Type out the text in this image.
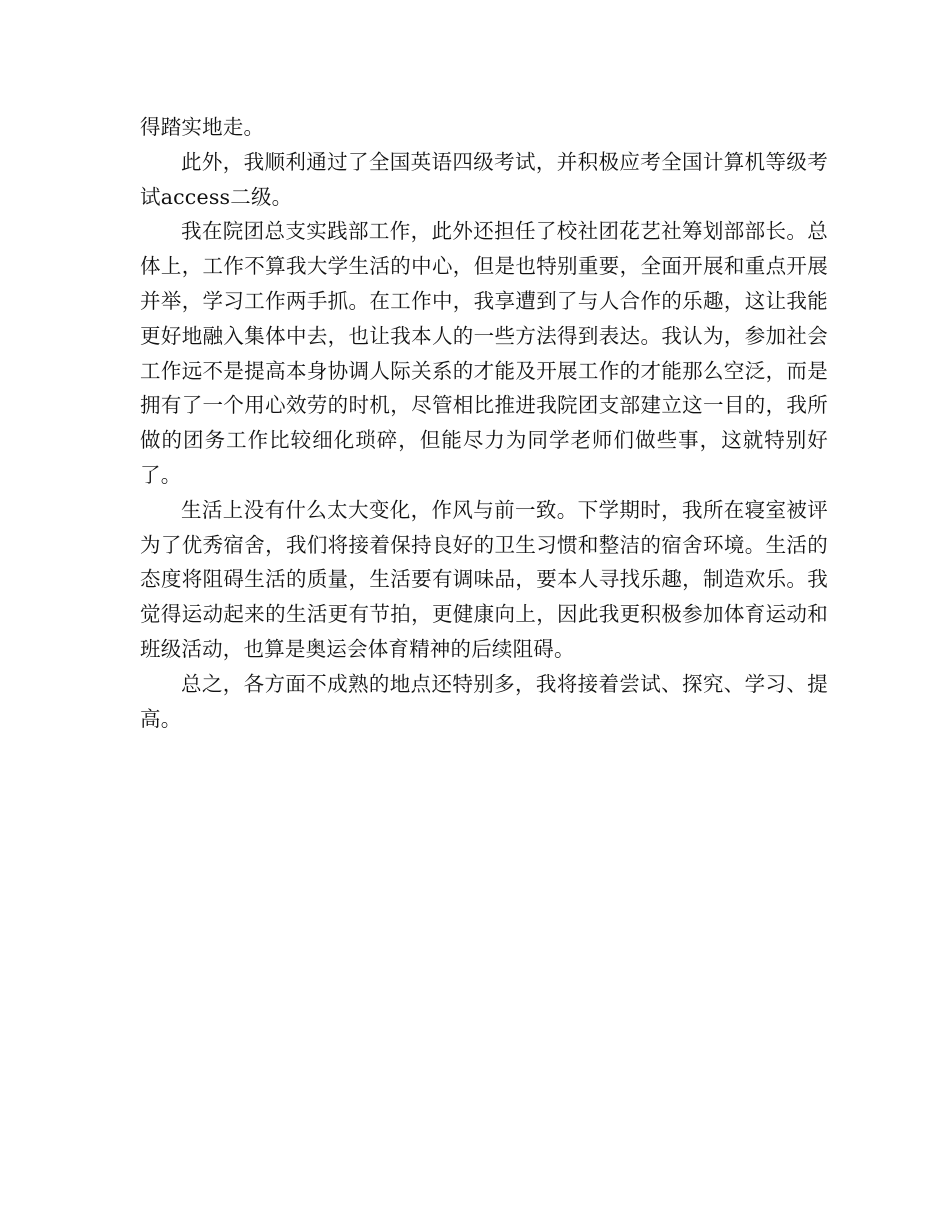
得踏实地走。

此外，我顺利通过了全国英语四级考试，并积极应考全国计算机等级考试access二级。

我在院团总支实践部工作，此外还担任了校社团花艺社筹划部部长。总体上，工作不算我大学生活的中心，但是也特别重要，全面开展和重点开展并举，学习工作两手抓。在工作中，我享遭到了与人合作的乐趣，这让我能更好地融入集体中去，也让我本人的一些方法得到表达。我认为，参加社会工作远不是提高本身协调人际关系的才能及开展工作的才能那么空泛，而是拥有了一个用心效劳的时机，尽管相比推进我院团支部建立这一目的，我所做的团务工作比较细化琐碎，但能尽力为同学老师们做些事，这就特别好了。

生活上没有什么太大变化，作风与前一致。下学期时，我所在寝室被评为了优秀宿舍，我们将接着保持良好的卫生习惯和整洁的宿舍环境。生活的态度将阻碍生活的质量，生活要有调味品，要本人寻找乐趣，制造欢乐。我觉得运动起来的生活更有节拍，更健康向上，因此我更积极参加体育运动和班级活动，也算是奥运会体育精神的后续阻碍。

总之，各方面不成熟的地点还特别多，我将接着尝试、探究、学习、提高。
